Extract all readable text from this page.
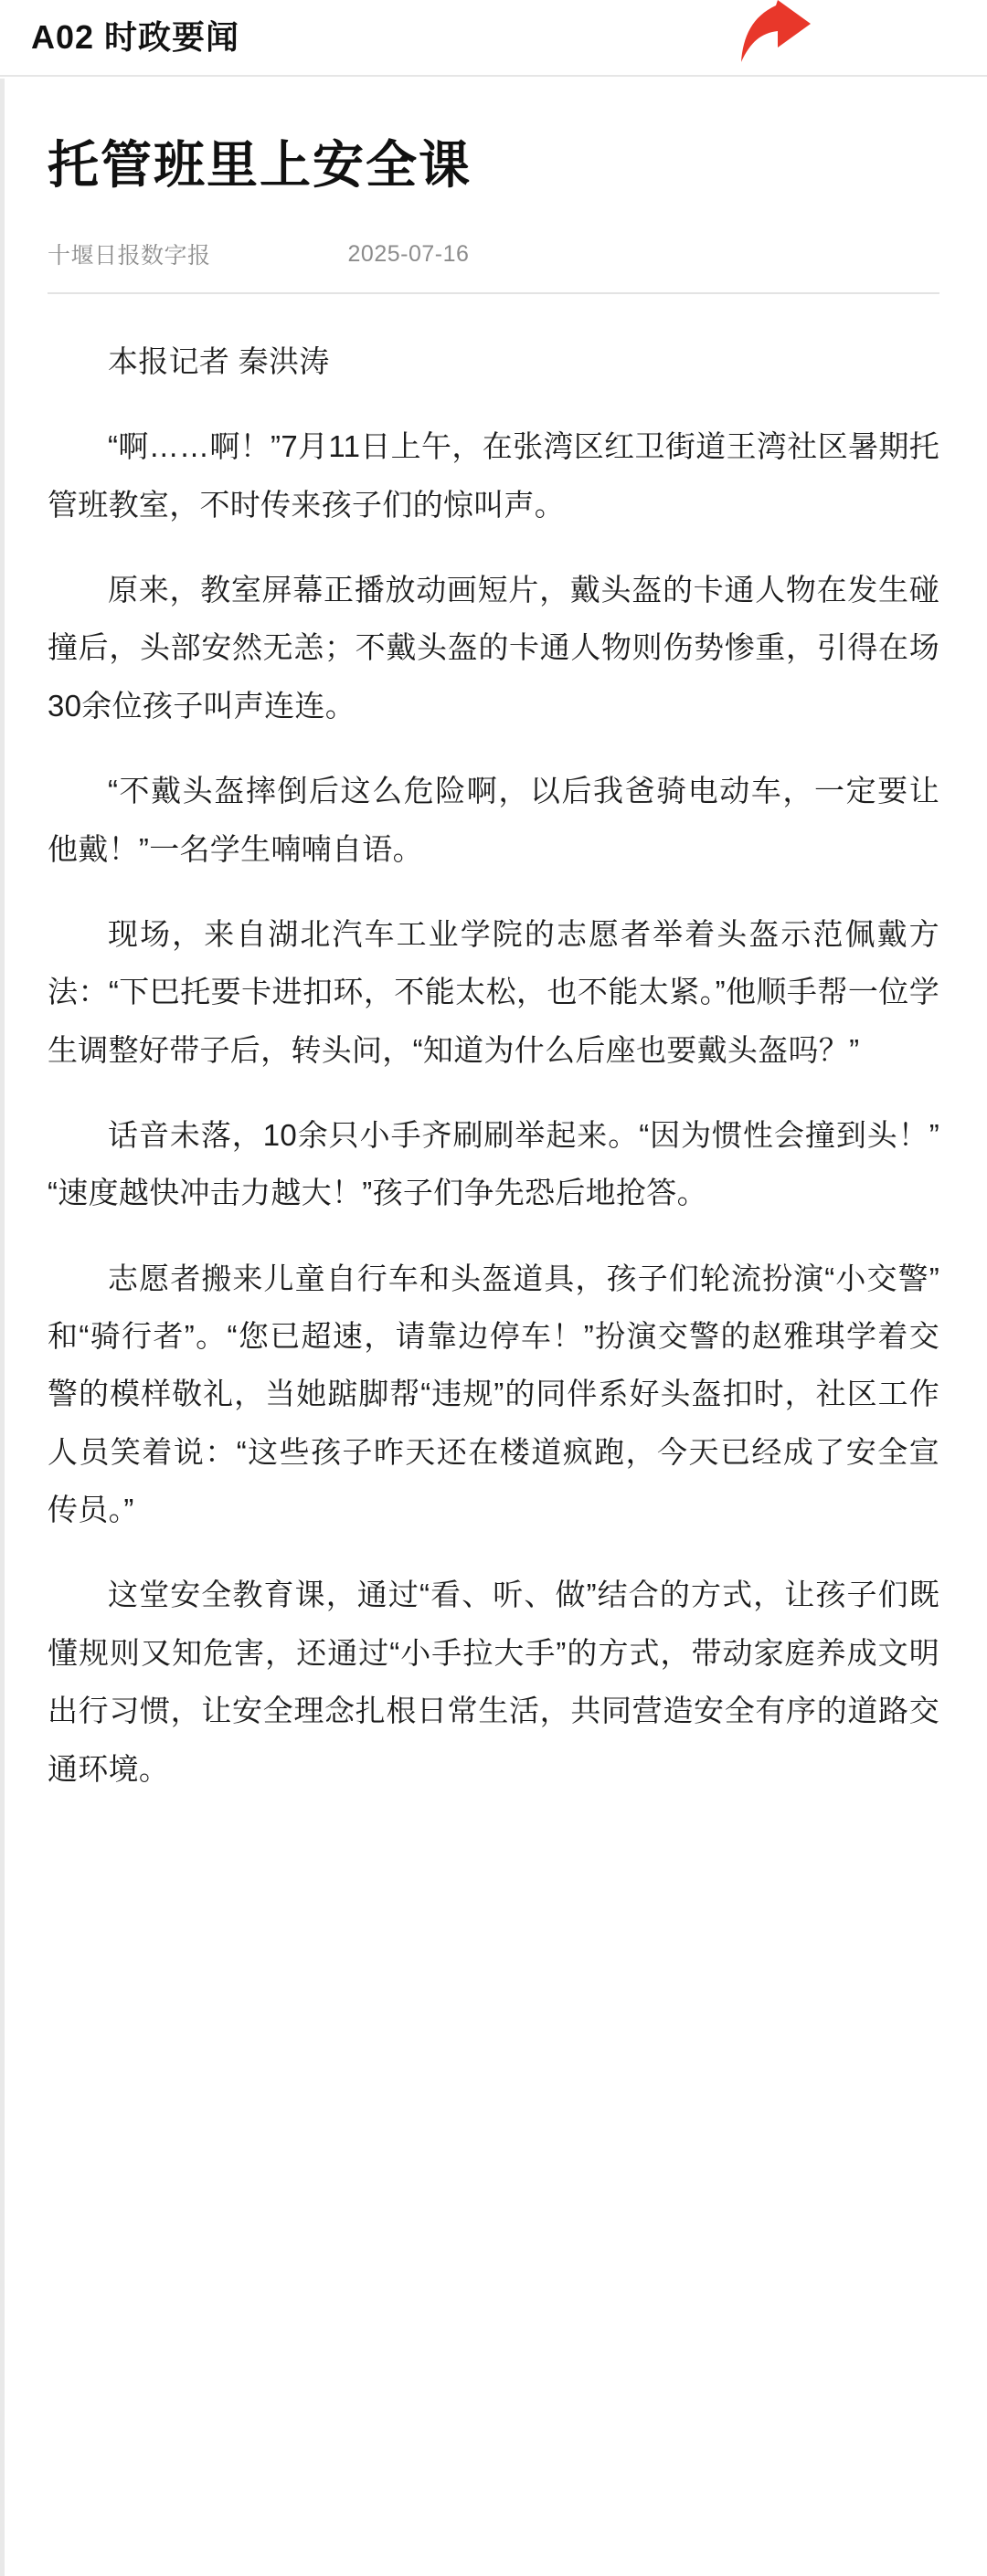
A02 时政要闻
托管班里上安全课
十堰日报数字报	2025-07-16

本报记者 秦洪涛

“啊……啊！”7月11日上午，在张湾区红卫街道王湾社区暑期托管班教室，不时传来孩子们的惊叫声。

原来，教室屏幕正播放动画短片，戴头盔的卡通人物在发生碰撞后，头部安然无恙；不戴头盔的卡通人物则伤势惨重，引得在场30余位孩子叫声连连。

“不戴头盔摔倒后这么危险啊，以后我爸骑电动车，一定要让他戴！”一名学生喃喃自语。

现场，来自湖北汽车工业学院的志愿者举着头盔示范佩戴方法：“下巴托要卡进扣环，不能太松，也不能太紧。”他顺手帮一位学生调整好带子后，转头问，“知道为什么后座也要戴头盔吗？”

话音未落，10余只小手齐刷刷举起来。“因为惯性会撞到头！”“速度越快冲击力越大！”孩子们争先恐后地抢答。

志愿者搬来儿童自行车和头盔道具，孩子们轮流扮演“小交警”和“骑行者”。“您已超速，请靠边停车！”扮演交警的赵雅琪学着交警的模样敬礼，当她踮脚帮“违规”的同伴系好头盔扣时，社区工作人员笑着说：“这些孩子昨天还在楼道疯跑，今天已经成了安全宣传员。”

这堂安全教育课，通过“看、听、做”结合的方式，让孩子们既懂规则又知危害，还通过“小手拉大手”的方式，带动家庭养成文明出行习惯，让安全理念扎根日常生活，共同营造安全有序的道路交通环境。
